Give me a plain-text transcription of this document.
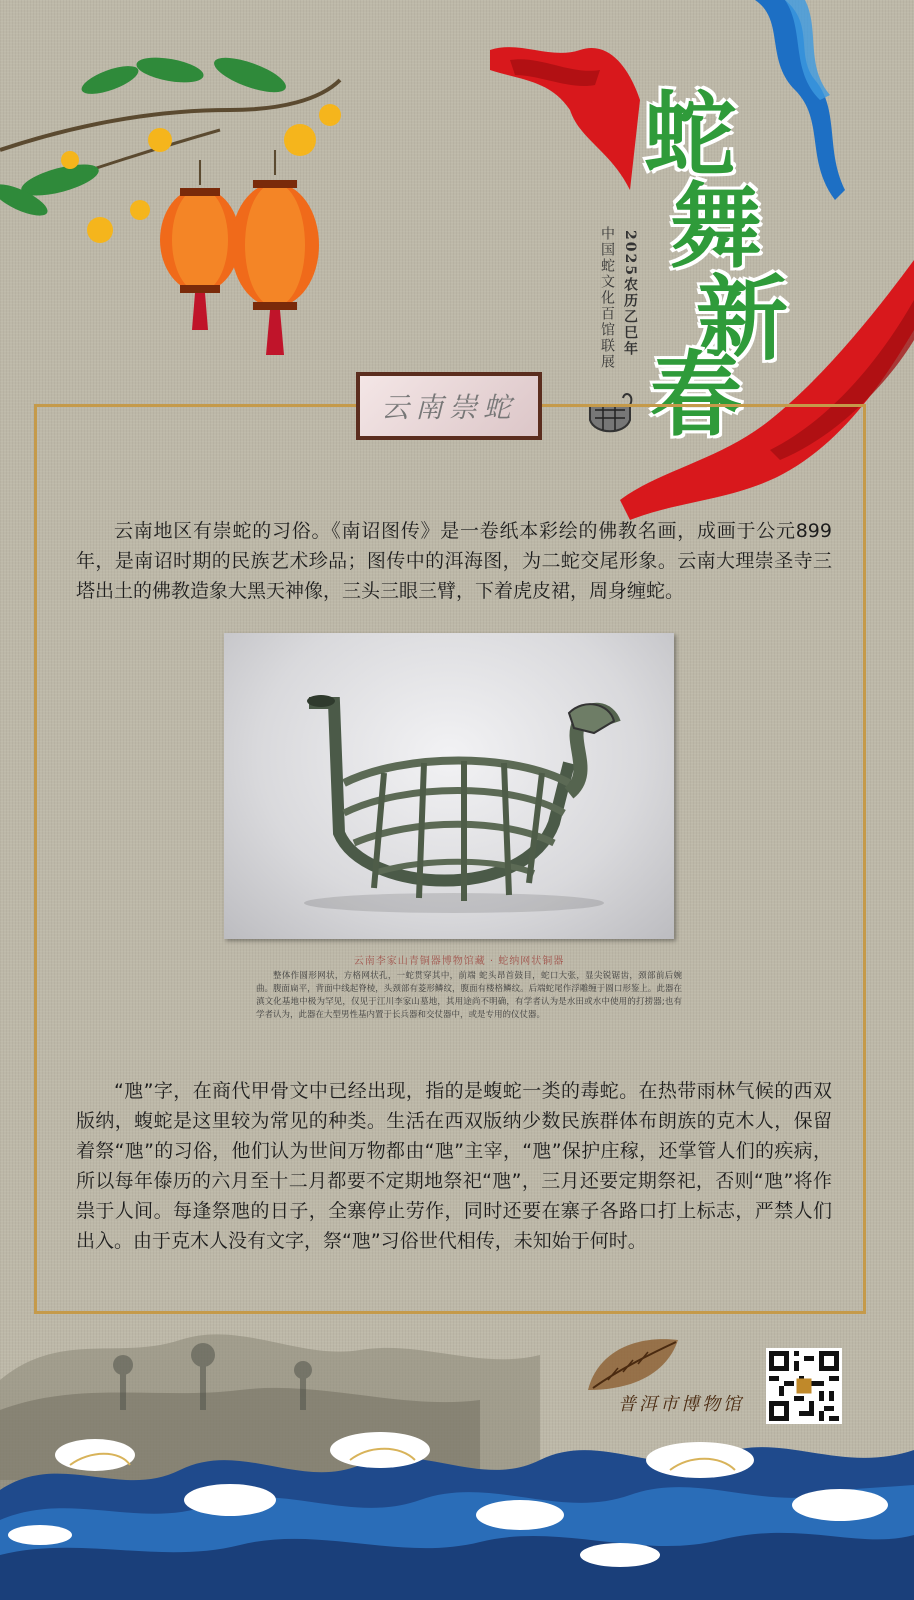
蛇
舞
新
春
2025农历乙巳年
中国蛇文化百馆联展
云南崇蛇

云南地区有崇蛇的习俗。《南诏图传》是一卷纸本彩绘的佛教名画，成画于公元899年，是南诏时期的民族艺术珍品；图传中的洱海图，为二蛇交尾形象。云南大理崇圣寺三塔出土的佛教造象大黑天神像，三头三眼三臂，下着虎皮裙，周身缠蛇。

云南李家山青铜器博物馆藏 · 蛇纳网状铜器

整体作圆形网状，方格网状孔，一蛇贯穿其中，前端 蛇头昂首鼓目，蛇口大张，显尖锐锯齿，颈部前后婉 曲。腹面扁平，背面中线起脊棱，头颈部有菱形鳞纹，腹面有楼格鳞纹。后端蛇尾作浮雕缠于圆口形鉴上。此器在滇文化基地中极为罕见，仅见于江川李家山墓地，其用途尚不明确，有学者认为是水田或水中使用的打捞器;也有学者认为，此器在大型男性基内置于长兵器和交仗器中，或是专用的仪仗器。

“虺”字，在商代甲骨文中已经出现，指的是蝮蛇一类的毒蛇。在热带雨林气候的西双版纳，蝮蛇是这里较为常见的种类。生活在西双版纳少数民族群体布朗族的克木人，保留着祭“虺”的习俗，他们认为世间万物都由“虺”主宰，“虺”保护庄稼，还掌管人们的疾病，所以每年傣历的六月至十二月都要不定期地祭祀“虺”，三月还要定期祭祀，否则“虺”将作祟于人间。每逢祭虺的日子，全寨停止劳作，同时还要在寨子各路口打上标志，严禁人们出入。由于克木人没有文字，祭“虺”习俗世代相传，未知始于何时。

普洱市博物馆
